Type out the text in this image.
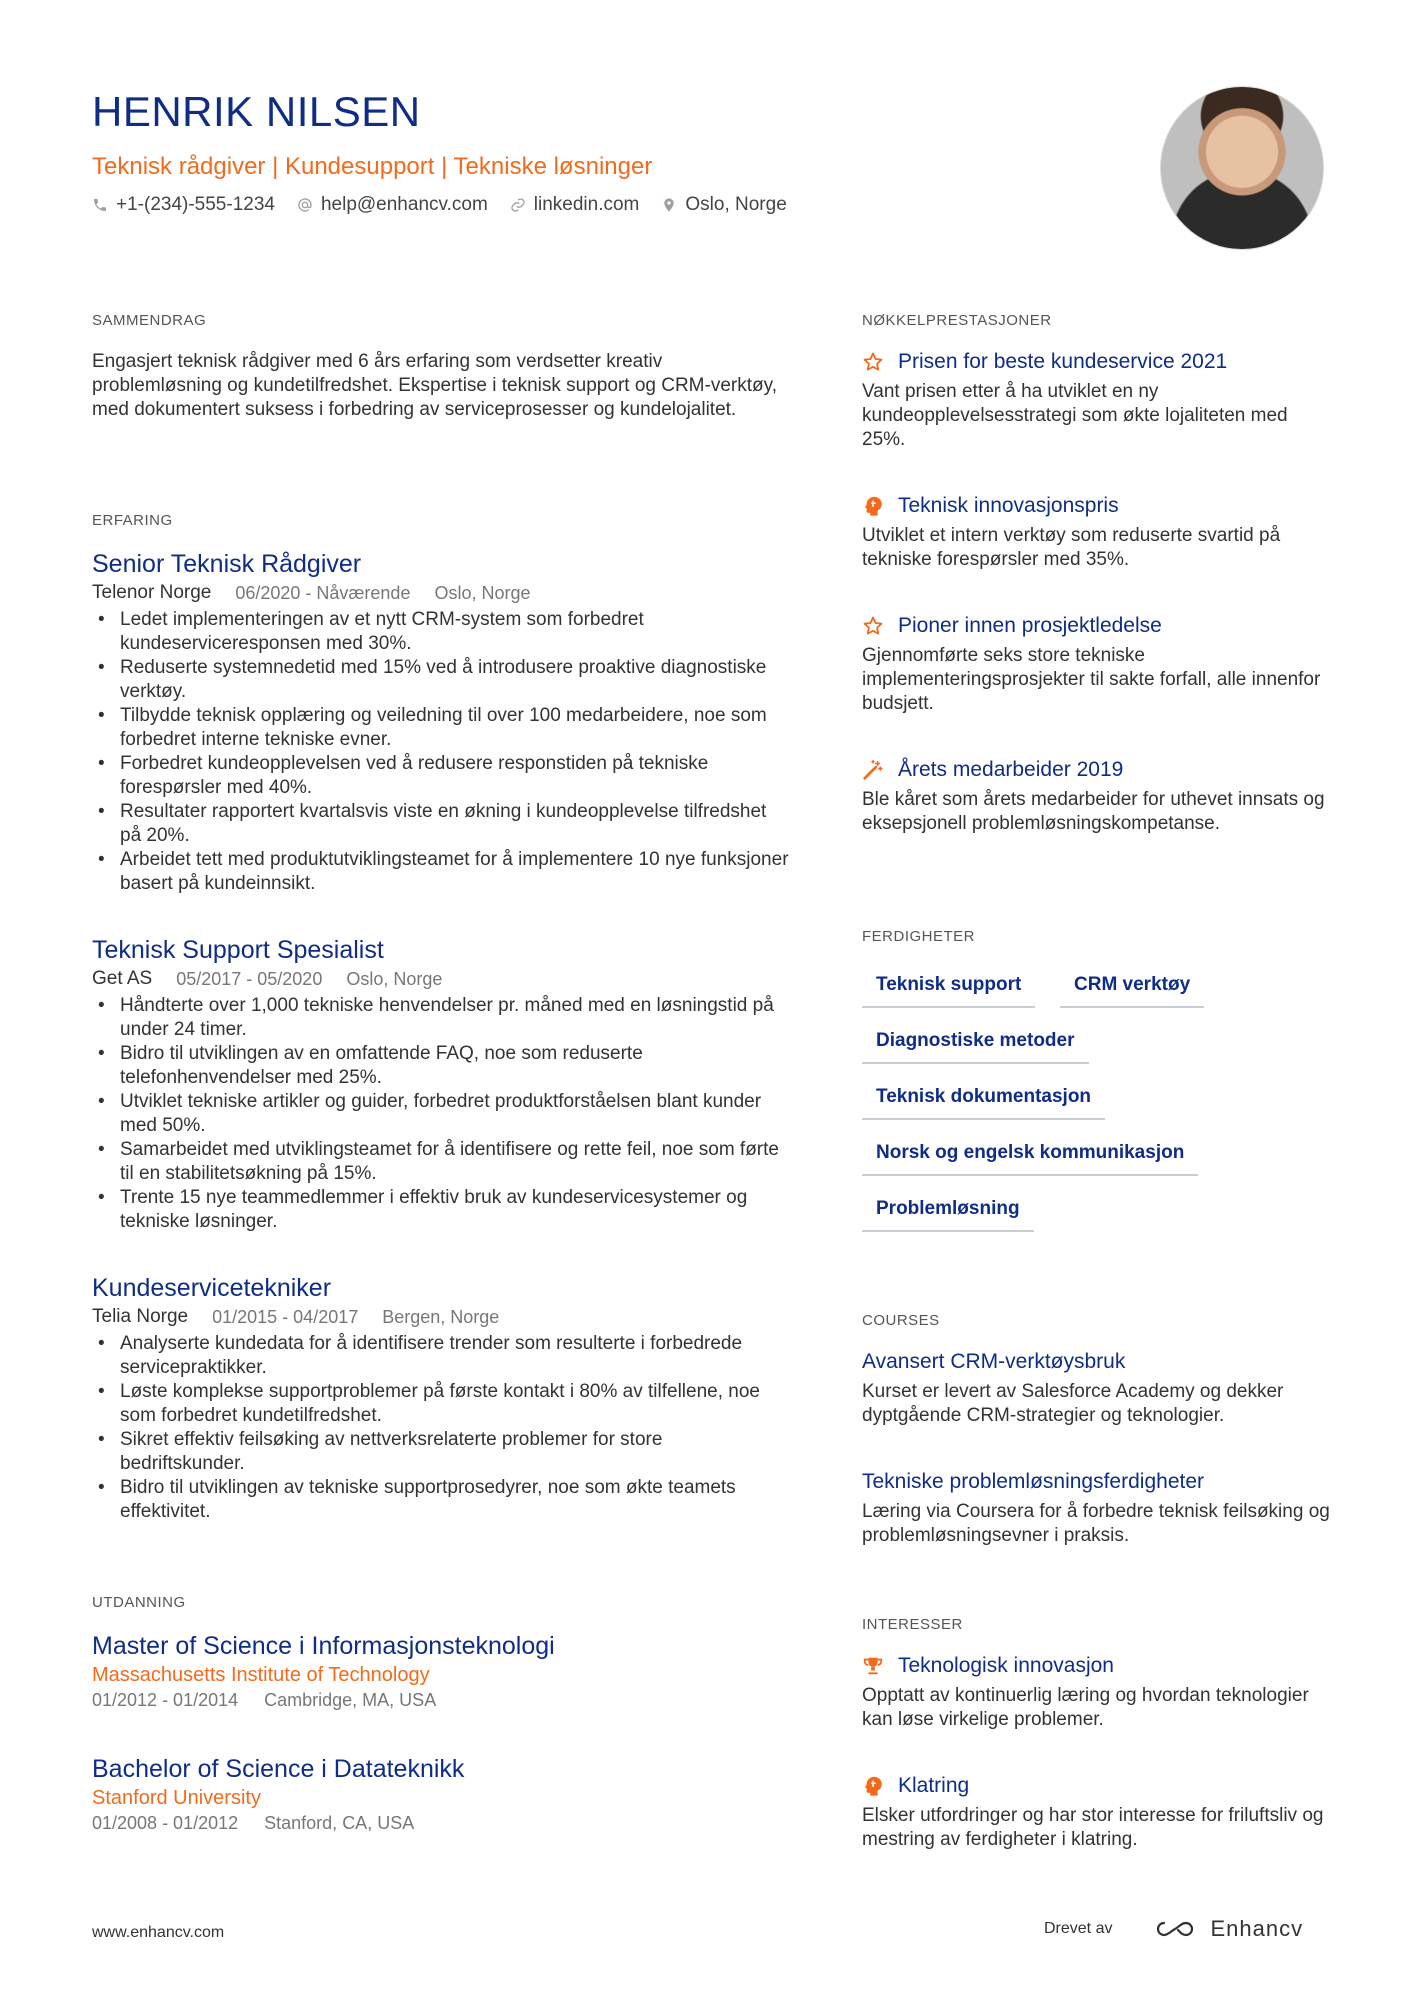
HENRIK NILSEN
Teknisk rådgiver | Kundesupport | Tekniske løsninger
+1-(234)-555-1234 help@enhancv.com linkedin.com Oslo, Norge
SAMMENDRAG
Engasjert teknisk rådgiver med 6 års erfaring som verdsetter kreativ problemløsning og kundetilfredshet. Ekspertise i teknisk support og CRM-verktøy, med dokumentert suksess i forbedring av serviceprosesser og kundelojalitet.
ERFARING
Senior Teknisk Rådgiver
Telenor Norge 06/2020 - Nåværende Oslo, Norge
• Ledet implementeringen av et nytt CRM-system som forbedret kundeserviceresponsen med 30%.
• Reduserte systemnedetid med 15% ved å introdusere proaktive diagnostiske verktøy.
• Tilbydde teknisk opplæring og veiledning til over 100 medarbeidere, noe som forbedret interne tekniske evner.
• Forbedret kundeopplevelsen ved å redusere responstiden på tekniske forespørsler med 40%.
• Resultater rapportert kvartalsvis viste en økning i kundeopplevelse tilfredshet på 20%.
• Arbeidet tett med produktutviklingsteamet for å implementere 10 nye funksjoner basert på kundeinnsikt.
Teknisk Support Spesialist
Get AS 05/2017 - 05/2020 Oslo, Norge
• Håndterte over 1,000 tekniske henvendelser pr. måned med en løsningstid på under 24 timer.
• Bidro til utviklingen av en omfattende FAQ, noe som reduserte telefonhenvendelser med 25%.
• Utviklet tekniske artikler og guider, forbedret produktforståelsen blant kunder med 50%.
• Samarbeidet med utviklingsteamet for å identifisere og rette feil, noe som førte til en stabilitetsøkning på 15%.
• Trente 15 nye teammedlemmer i effektiv bruk av kundeservicesystemer og tekniske løsninger.
Kundeservicetekniker
Telia Norge 01/2015 - 04/2017 Bergen, Norge
• Analyserte kundedata for å identifisere trender som resulterte i forbedrede servicepraktikker.
• Løste komplekse supportproblemer på første kontakt i 80% av tilfellene, noe som forbedret kundetilfredshet.
• Sikret effektiv feilsøking av nettverksrelaterte problemer for store bedriftskunder.
• Bidro til utviklingen av tekniske supportprosedyrer, noe som økte teamets effektivitet.
UTDANNING
Master of Science i Informasjonsteknologi
Massachusetts Institute of Technology
01/2012 - 01/2014 Cambridge, MA, USA
Bachelor of Science i Datateknikk
Stanford University
01/2008 - 01/2012 Stanford, CA, USA
NØKKELPRESTASJONER
Prisen for beste kundeservice 2021
Vant prisen etter å ha utviklet en ny kundeopplevelsesstrategi som økte lojaliteten med 25%.
Teknisk innovasjonspris
Utviklet et intern verktøy som reduserte svartid på tekniske forespørsler med 35%.
Pioner innen prosjektledelse
Gjennomførte seks store tekniske implementeringsprosjekter til sakte forfall, alle innenfor budsjett.
Årets medarbeider 2019
Ble kåret som årets medarbeider for uthevet innsats og eksepsjonell problemløsningskompetanse.
FERDIGHETER
Teknisk support	CRM verktøy
Diagnostiske metoder
Teknisk dokumentasjon
Norsk og engelsk kommunikasjon
Problemløsning
COURSES
Avansert CRM-verktøysbruk
Kurset er levert av Salesforce Academy og dekker dyptgående CRM-strategier og teknologier.
Tekniske problemløsningsferdigheter
Læring via Coursera for å forbedre teknisk feilsøking og problemløsningsevner i praksis.
INTERESSER
Teknologisk innovasjon
Opptatt av kontinuerlig læring og hvordan teknologier kan løse virkelige problemer.
Klatring
Elsker utfordringer og har stor interesse for friluftsliv og mestring av ferdigheter i klatring.
www.enhancv.com	Drevet av	Enhancv
